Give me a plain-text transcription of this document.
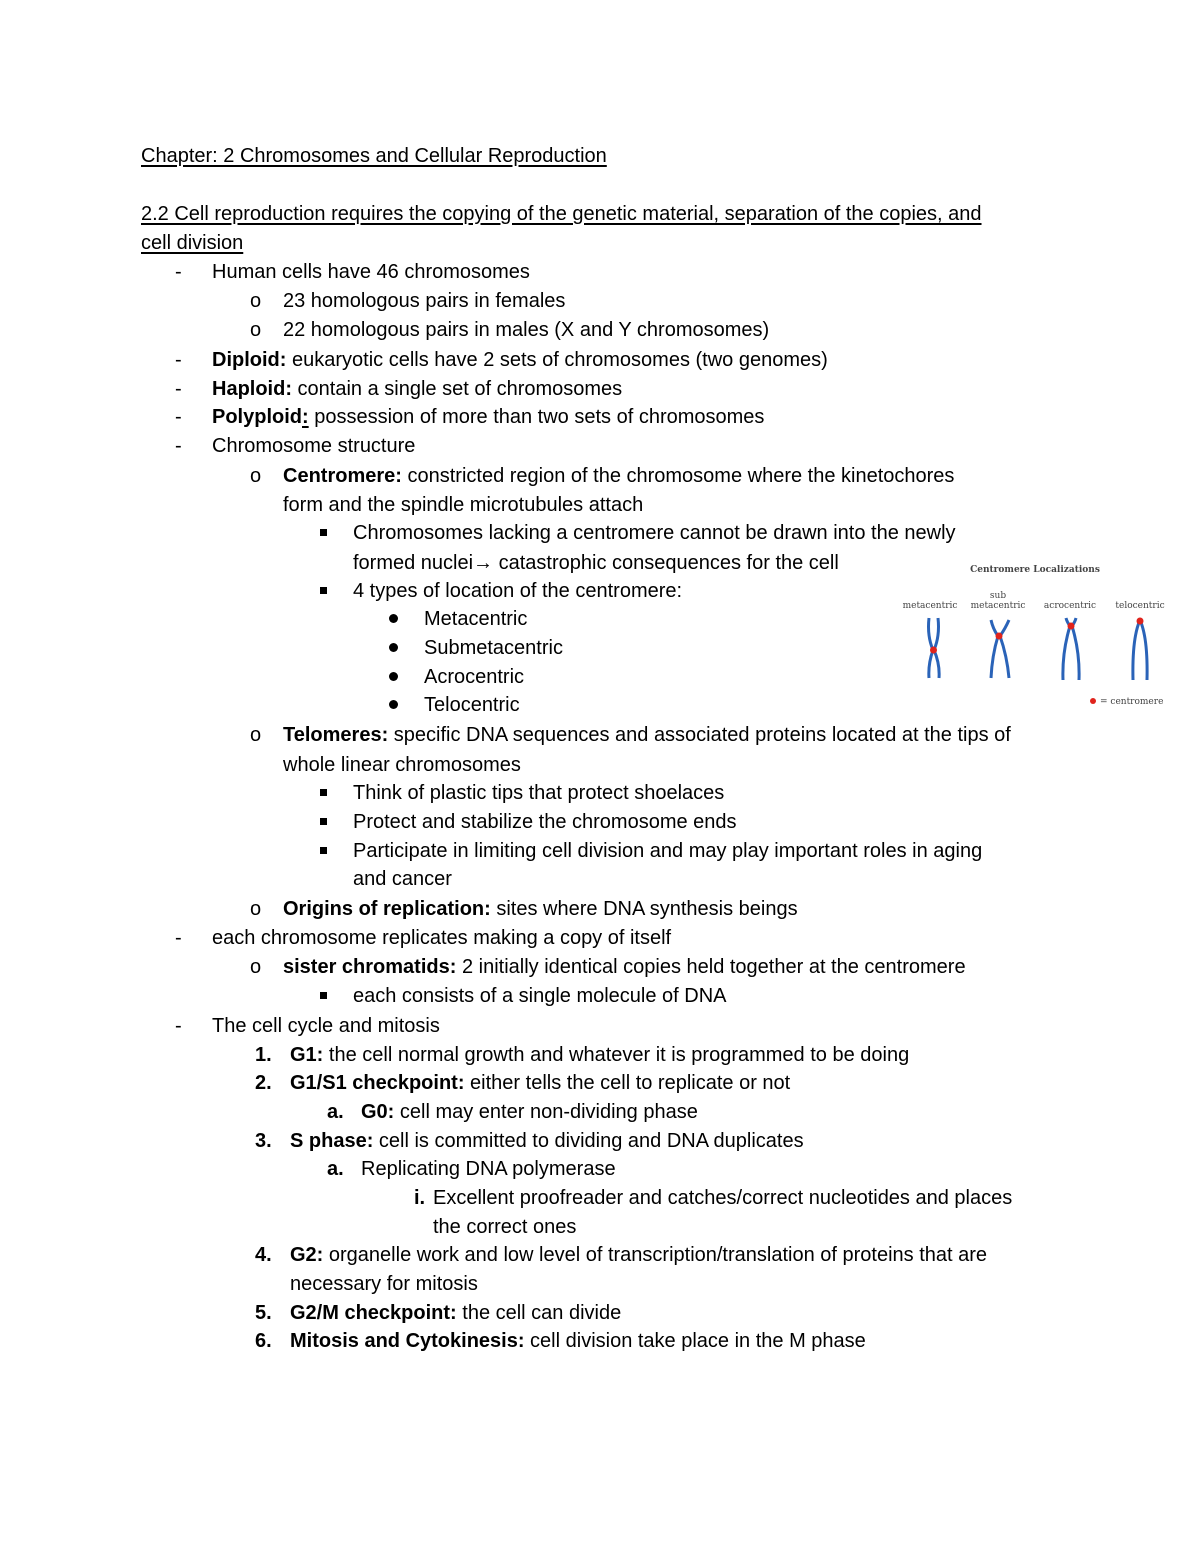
Chapter: 2 Chromosomes and Cellular Reproduction
2.2 Cell reproduction requires the copying of the genetic material, separation of the copies, and
cell division
- Human cells have 46 chromosomes
o 23 homologous pairs in females
o 22 homologous pairs in males (X and Y chromosomes)
- Diploid: eukaryotic cells have 2 sets of chromosomes (two genomes)
- Haploid: contain a single set of chromosomes
- Polyploid: possession of more than two sets of chromosomes
- Chromosome structure
o Centromere: constricted region of the chromosome where the kinetochores
form and the spindle microtubules attach
Chromosomes lacking a centromere cannot be drawn into the newly
formed nuclei→ catastrophic consequences for the cell
4 types of location of the centromere:
Metacentric
Submetacentric
Acrocentric
Telocentric
o Telomeres: specific DNA sequences and associated proteins located at the tips of
whole linear chromosomes
Think of plastic tips that protect shoelaces
Protect and stabilize the chromosome ends
Participate in limiting cell division and may play important roles in aging
and cancer
o Origins of replication: sites where DNA synthesis beings
- each chromosome replicates making a copy of itself
o sister chromatids: 2 initially identical copies held together at the centromere
each consists of a single molecule of DNA
- The cell cycle and mitosis
1. G1: the cell normal growth and whatever it is programmed to be doing
2. G1/S1 checkpoint: either tells the cell to replicate or not
a. G0: cell may enter non-dividing phase
3. S phase: cell is committed to dividing and DNA duplicates
a. Replicating DNA polymerase
i. Excellent proofreader and catches/correct nucleotides and places
the correct ones
4. G2: organelle work and low level of transcription/translation of proteins that are
necessary for mitosis
5. G2/M checkpoint: the cell can divide
6. Mitosis and Cytokinesis: cell division take place in the M phase
Centromere Localizations
metacentric
sub
metacentric acrocentric telocentric
= centromere
